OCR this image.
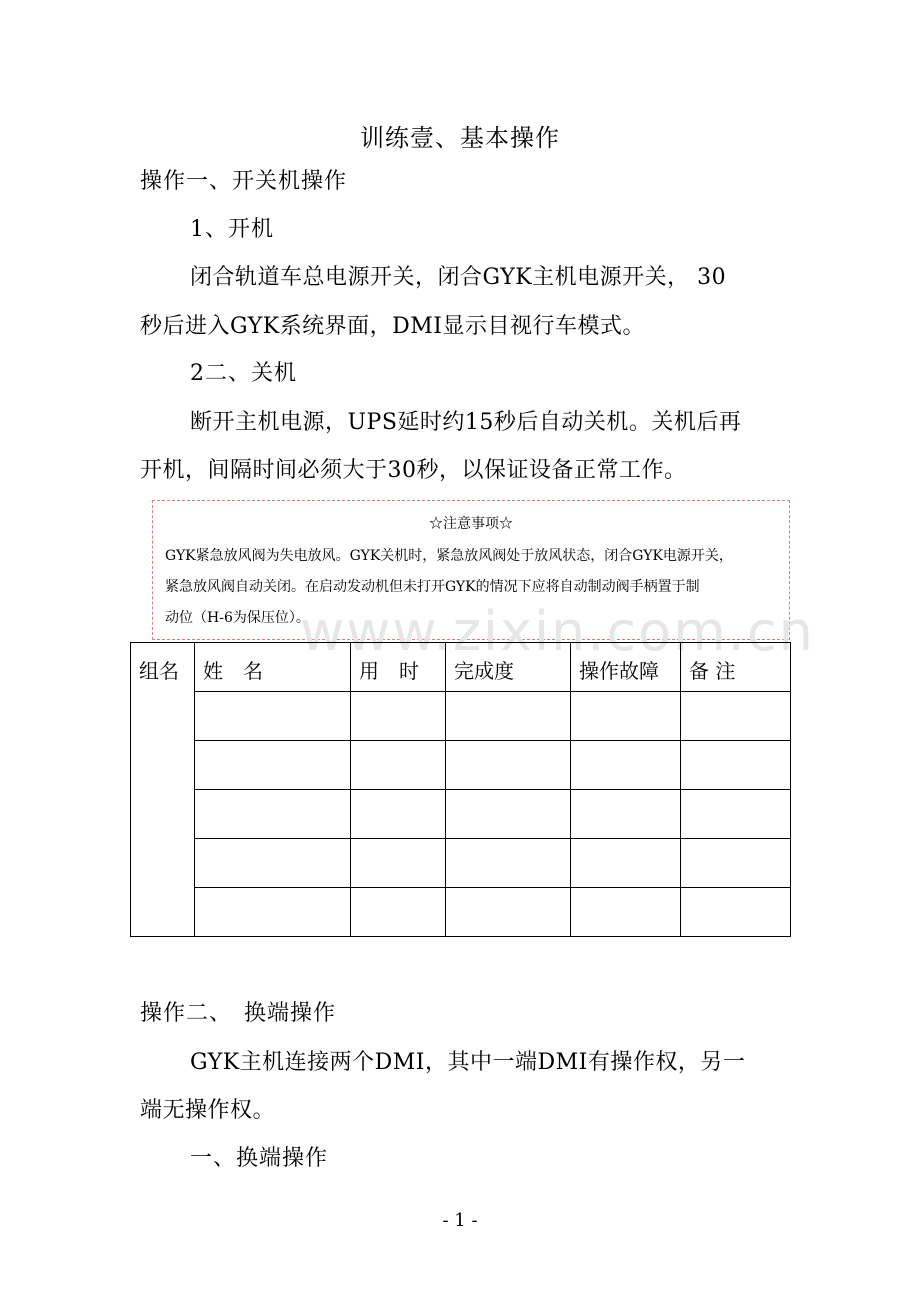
训练壹、基本操作
操作一、开关机操作
1、开机
闭合轨道车总电源开关，闭合GYK主机电源开关， 30
秒后进入GYK系统界面，DMI显示目视行车模式。
2二、关机
断开主机电源，UPS延时约15秒后自动关机。关机后再
开机，间隔时间必须大于30秒，以保证设备正常工作。
☆注意事项☆
GYK紧急放风阀为失电放风。GYK关机时，紧急放风阀处于放风状态，闭合GYK电源开关，
紧急放风阀自动关闭。在启动发动机但未打开GYK的情况下应将自动制动阀手柄置于制
动位（H-6为保压位）。
www.zixin.com.cn
组名	姓　名	用　时	完成度	操作故障	备 注

操作二、　换端操作
GYK主机连接两个DMI，其中一端DMI有操作权，另一
端无操作权。
一、换端操作
- 1 -
